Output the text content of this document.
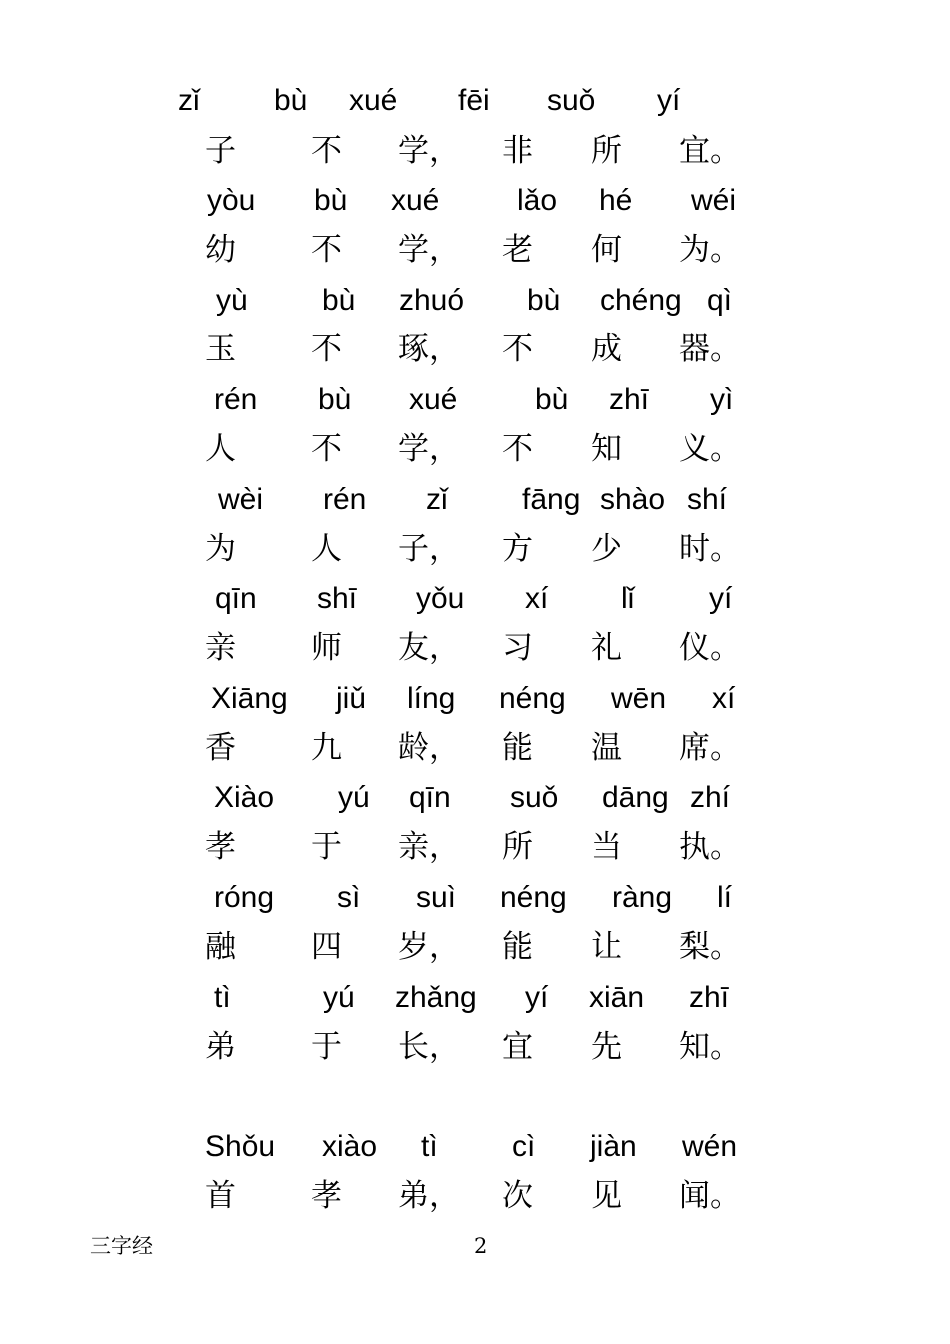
zǐ bù xué fēi suǒ yí
子 不 学， 非 所 宜。
yòu bù xué	lǎo hé wéi
幼 不 学， 老 何 为。
yù bù zhuó bù chéng qì
玉 不 琢， 不 成 器。
rén bù xué	bù zhī yì
人 不 学， 不 知 义。
wèi rén zǐ fāng shào shí
为 人 子， 方 少 时。
qīn shī yǒu xí lǐ yí
亲 师 友， 习 礼 仪。
Xiāng jiǔ líng néng wēn xí
香 九 龄， 能 温 席。
Xiào yú qīn suǒ dāng zhí
孝 于 亲， 所 当 执。
róng sì suì néng ràng lí
融 四 岁， 能 让 梨。
tì	yú zhǎng yí xiān zhī
弟 于 长， 宜 先 知。
Shǒu xiào tì cì jiàn wén
首 孝 弟， 次 见 闻。
三字经	2
